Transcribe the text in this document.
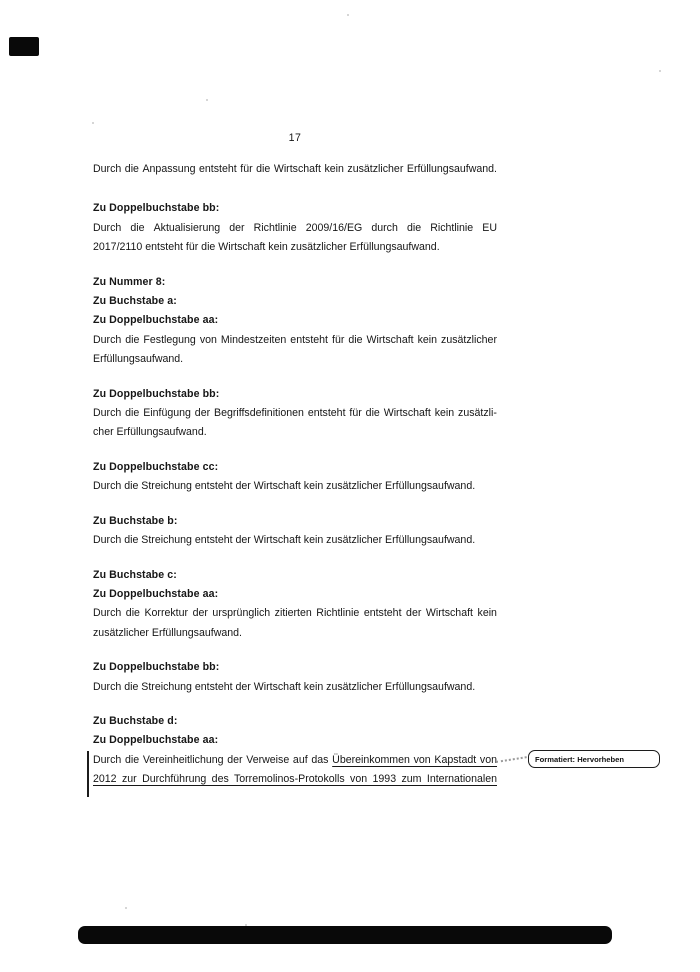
17
Durch die Anpassung entsteht für die Wirtschaft kein zusätzlicher Erfüllungsaufwand.
Zu Doppelbuchstabe bb:
Durch die Aktualisierung der Richtlinie 2009/16/EG durch die Richtlinie EU
2017/2110 entsteht für die Wirtschaft kein zusätzlicher Erfüllungsaufwand.
Zu Nummer 8:
Zu Buchstabe a:
Zu Doppelbuchstabe aa:
Durch die Festlegung von Mindestzeiten entsteht für die Wirtschaft kein zusätzlicher
Erfüllungsaufwand.
Zu Doppelbuchstabe bb:
Durch die Einfügung der Begriffsdefinitionen entsteht für die Wirtschaft kein zusätzli-
cher Erfüllungsaufwand.
Zu Doppelbuchstabe cc:
Durch die Streichung entsteht der Wirtschaft kein zusätzlicher Erfüllungsaufwand.
Zu Buchstabe b:
Durch die Streichung entsteht der Wirtschaft kein zusätzlicher Erfüllungsaufwand.
Zu Buchstabe c:
Zu Doppelbuchstabe aa:
Durch die Korrektur der ursprünglich zitierten Richtlinie entsteht der Wirtschaft kein
zusätzlicher Erfüllungsaufwand.
Zu Doppelbuchstabe bb:
Durch die Streichung entsteht der Wirtschaft kein zusätzlicher Erfüllungsaufwand.
Zu Buchstabe d:
Zu Doppelbuchstabe aa:
Durch die Vereinheitlichung der Verweise auf das Übereinkommen von Kapstadt von
2012 zur Durchführung des Torremolinos-Protokolls von 1993 zum Internationalen
Formatiert: Hervorheben
